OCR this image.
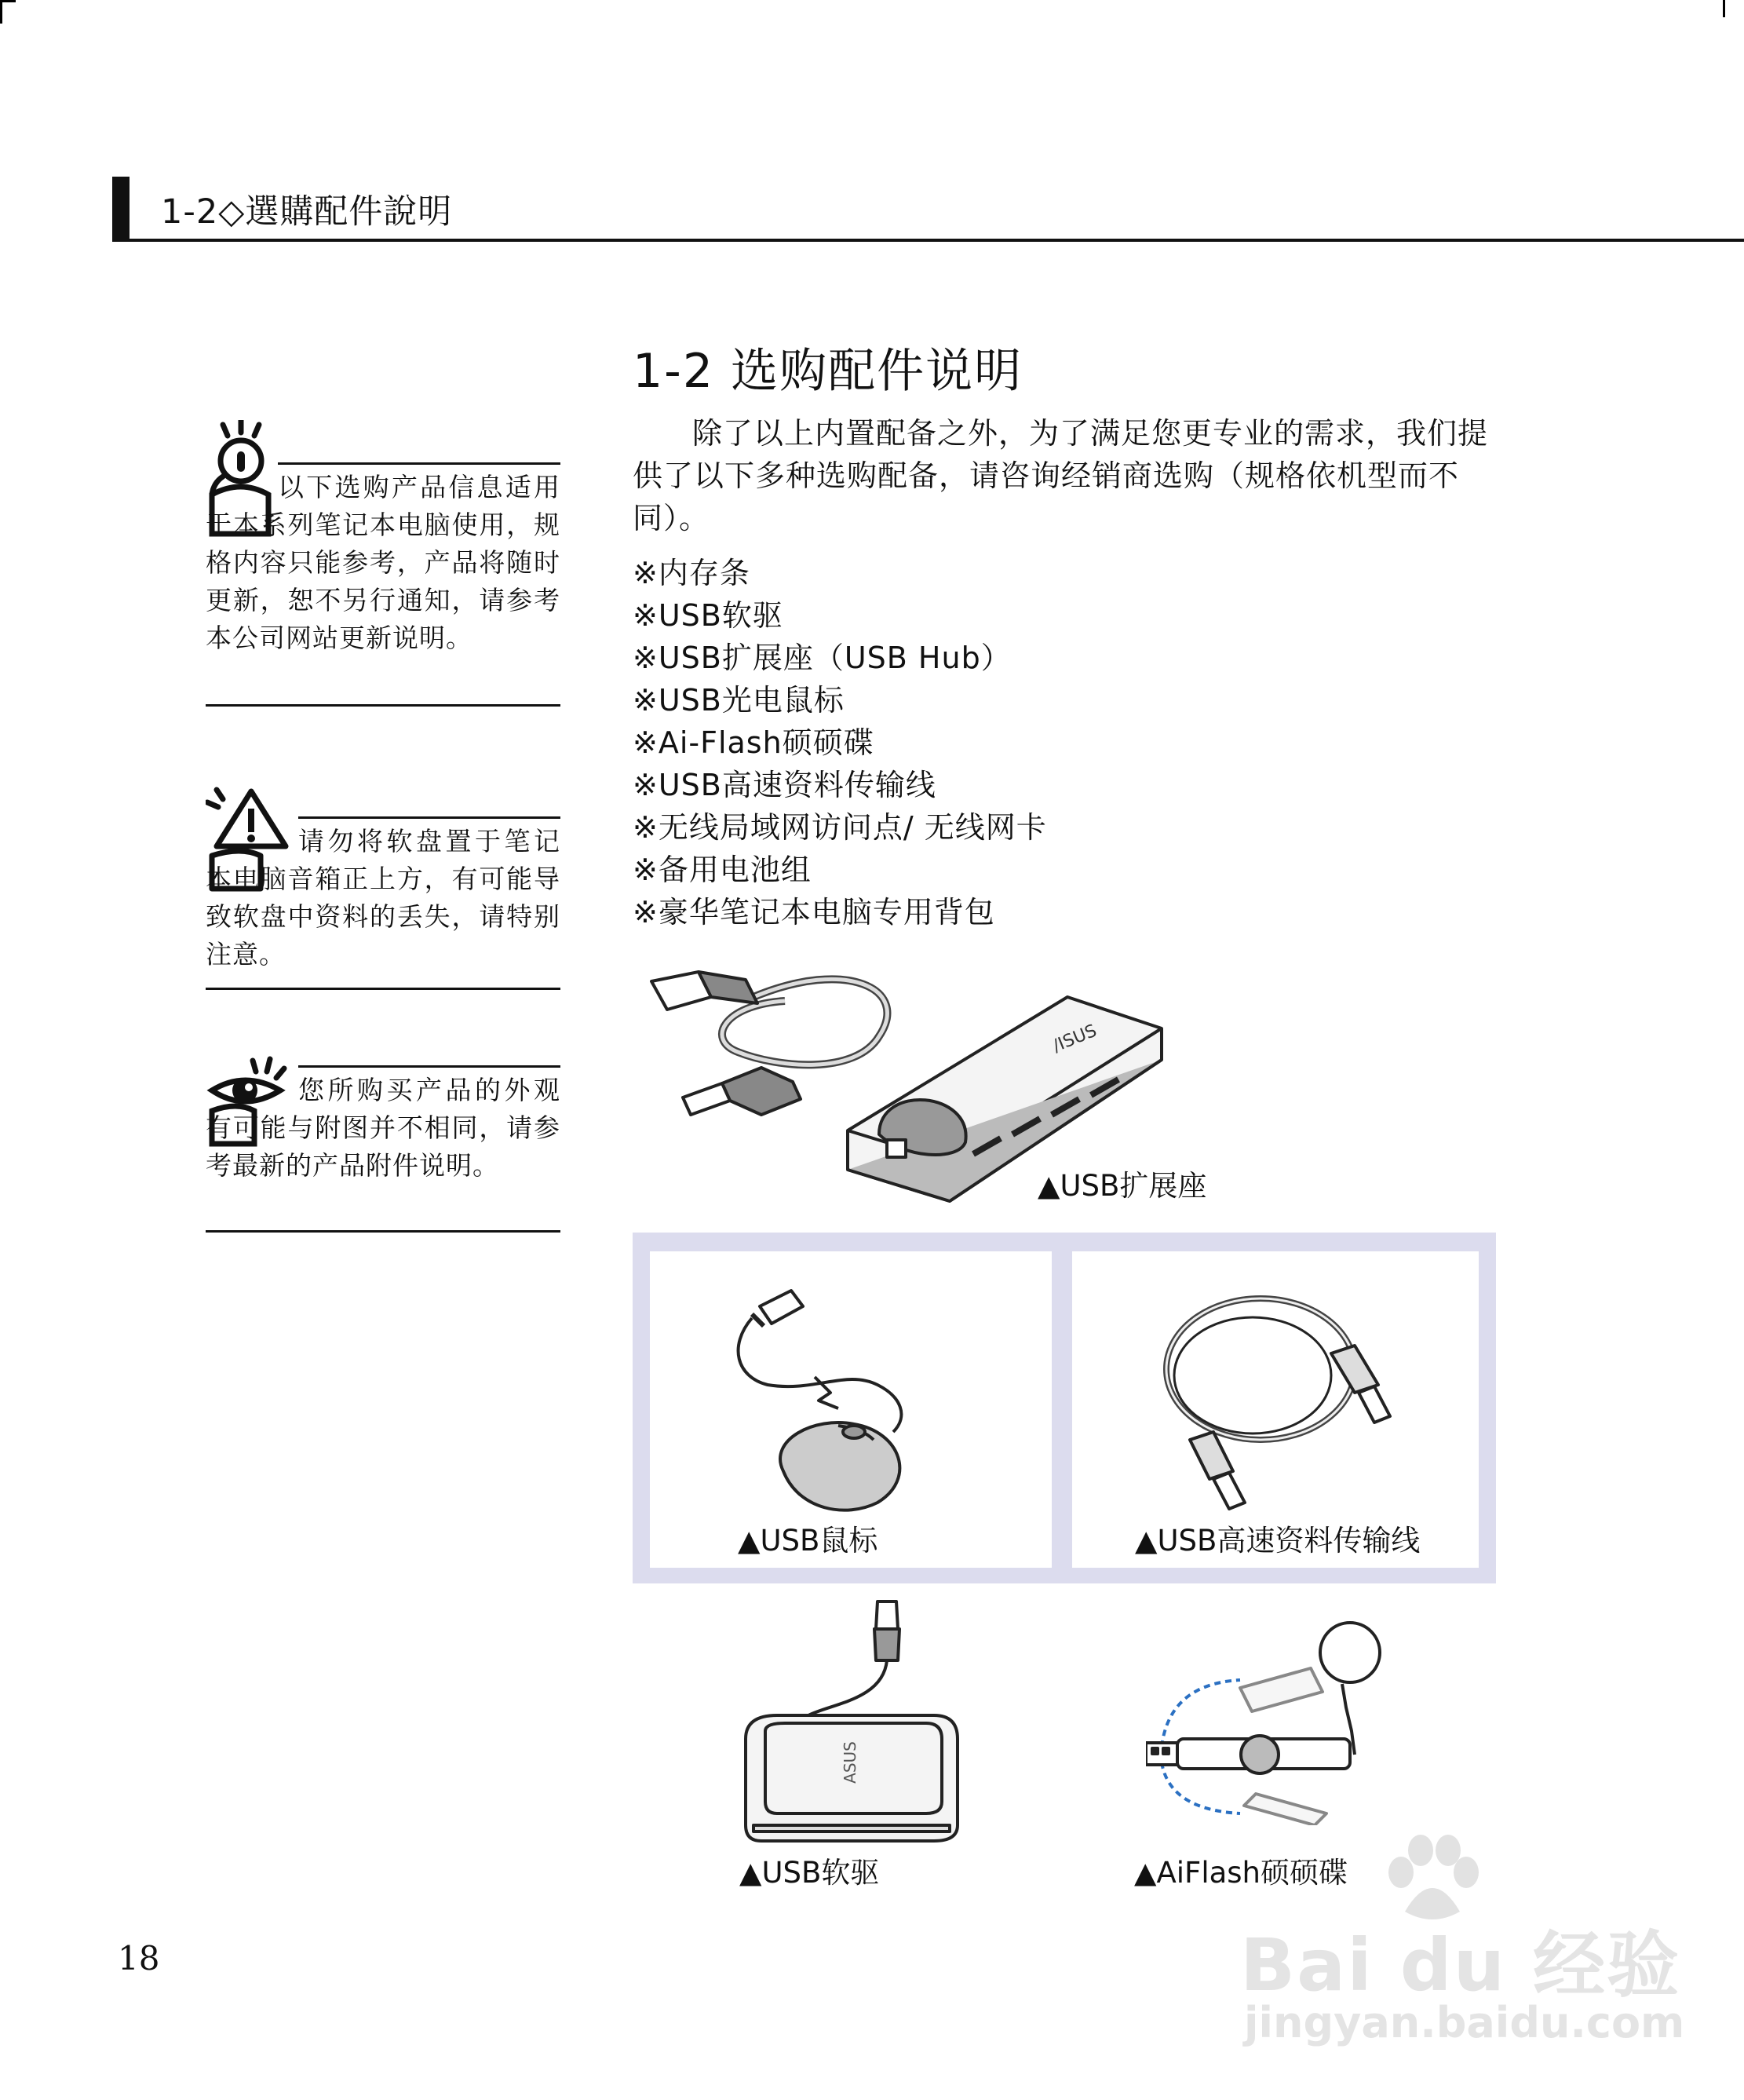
1-2◇選購配件說明
1-2 选购配件说明
除了以上内置配备之外，为了满足您更专业的需求，我们提供了以下多种选购配备，请咨询经销商选购（规格依机型而不同）。
※内存条
※USB软驱
※USB扩展座（USB Hub）
※USB光电鼠标
※Ai-Flash硕硕碟
※USB高速资料传输线
※无线局域网访问点/ 无线网卡
※备用电池组
※豪华笔记本电脑专用背包
以下选购产品信息适用于本系列笔记本电脑使用，规格内容只能参考，产品将随时更新，恕不另行通知，请参考本公司网站更新说明。
请勿将软盘置于笔记本电脑音箱正上方，有可能导致软盘中资料的丢失，请特别注意。
您所购买产品的外观有可能与附图并不相同，请参考最新的产品附件说明。
/ISUS
▲USB扩展座
▲USB鼠标	▲USB高速资料传输线
ASUS
▲USB软驱	▲AiFlash硕硕碟
18	Bai du 经验
jingyan.baidu.com
